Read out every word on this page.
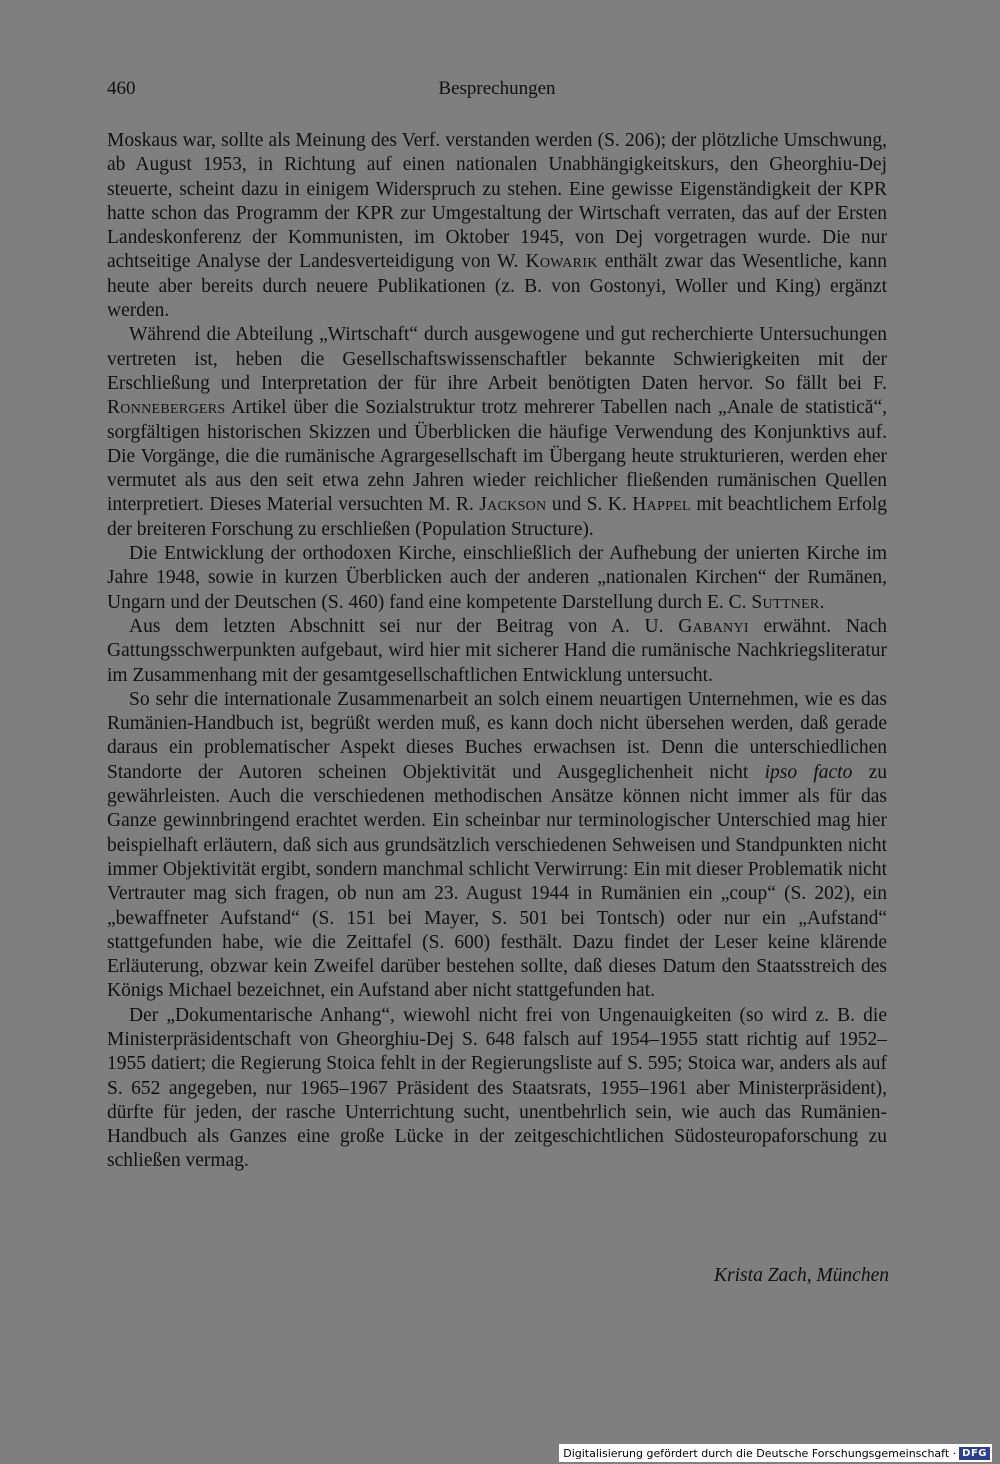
460	Besprechungen

Moskaus war, sollte als Meinung des Verf. verstanden werden (S. 206); der plötzliche Umschwung, ab August 1953, in Richtung auf einen nationalen Unabhängigkeitskurs, den Gheorghiu-Dej steuerte, scheint dazu in einigem Widerspruch zu stehen. Eine gewisse Eigenständigkeit der KPR hatte schon das Programm der KPR zur Umgestaltung der Wirtschaft verraten, das auf der Ersten Landeskonferenz der Kommunisten, im Oktober 1945, von Dej vorgetragen wurde. Die nur achtseitige Analyse der Landesverteidigung von W. Kowarik enthält zwar das Wesentliche, kann heute aber bereits durch neuere Publikationen (z. B. von Gostonyi, Woller und King) ergänzt werden.

Während die Abteilung „Wirtschaft“ durch ausgewogene und gut recherchierte Untersuchungen vertreten ist, heben die Gesellschaftswissenschaftler bekannte Schwierigkeiten mit der Erschließung und Interpretation der für ihre Arbeit benötigten Daten hervor. So fällt bei F. Ronnebergers Artikel über die Sozialstruktur trotz mehrerer Tabellen nach „Anale de statistică“, sorgfältigen historischen Skizzen und Überblicken die häufige Verwendung des Konjunktivs auf. Die Vorgänge, die die rumänische Agrargesellschaft im Übergang heute strukturieren, werden eher vermutet als aus den seit etwa zehn Jahren wieder reichlicher fließenden rumänischen Quellen interpretiert. Dieses Material versuchten M. R. Jackson und S. K. Happel mit beachtlichem Erfolg der breiteren Forschung zu erschließen (Population Structure).

Die Entwicklung der orthodoxen Kirche, einschließlich der Aufhebung der unierten Kirche im Jahre 1948, sowie in kurzen Überblicken auch der anderen „nationalen Kirchen“ der Rumänen, Ungarn und der Deutschen (S. 460) fand eine kompetente Darstellung durch E. C. Suttner.

Aus dem letzten Abschnitt sei nur der Beitrag von A. U. Gabanyi erwähnt. Nach Gattungsschwerpunkten aufgebaut, wird hier mit sicherer Hand die rumänische Nachkriegsliteratur im Zusammenhang mit der gesamtgesellschaftlichen Entwicklung untersucht.

So sehr die internationale Zusammenarbeit an solch einem neuartigen Unternehmen, wie es das Rumänien-Handbuch ist, begrüßt werden muß, es kann doch nicht übersehen werden, daß gerade daraus ein problematischer Aspekt dieses Buches erwachsen ist. Denn die unterschiedlichen Standorte der Autoren scheinen Objektivität und Ausgeglichenheit nicht ipso facto zu gewährleisten. Auch die verschiedenen methodischen Ansätze können nicht immer als für das Ganze gewinnbringend erachtet werden. Ein scheinbar nur terminologischer Unterschied mag hier beispielhaft erläutern, daß sich aus grundsätzlich verschiedenen Sehweisen und Standpunkten nicht immer Objektivität ergibt, sondern manchmal schlicht Verwirrung: Ein mit dieser Problematik nicht Vertrauter mag sich fragen, ob nun am 23. August 1944 in Rumänien ein „coup“ (S. 202), ein „bewaffneter Aufstand“ (S. 151 bei Mayer, S. 501 bei Tontsch) oder nur ein „Aufstand“ stattgefunden habe, wie die Zeittafel (S. 600) festhält. Dazu findet der Leser keine klärende Erläuterung, obzwar kein Zweifel darüber bestehen sollte, daß dieses Datum den Staatsstreich des Königs Michael bezeichnet, ein Aufstand aber nicht stattgefunden hat.

Der „Dokumentarische Anhang“, wiewohl nicht frei von Ungenauigkeiten (so wird z. B. die Ministerpräsidentschaft von Gheorghiu-Dej S. 648 falsch auf 1954–1955 statt richtig auf 1952–1955 datiert; die Regierung Stoica fehlt in der Regierungsliste auf S. 595; Stoica war, anders als auf S. 652 angegeben, nur 1965–1967 Präsident des Staatsrats, 1955–1961 aber Ministerpräsident), dürfte für jeden, der rasche Unterrichtung sucht, unentbehrlich sein, wie auch das Rumänien-Handbuch als Ganzes eine große Lücke in der zeitgeschichtlichen Südosteuropaforschung zu schließen vermag.

Krista Zach, München
Digitalisierung gefördert durch die Deutsche Forschungsgemeinschaft · DFG
